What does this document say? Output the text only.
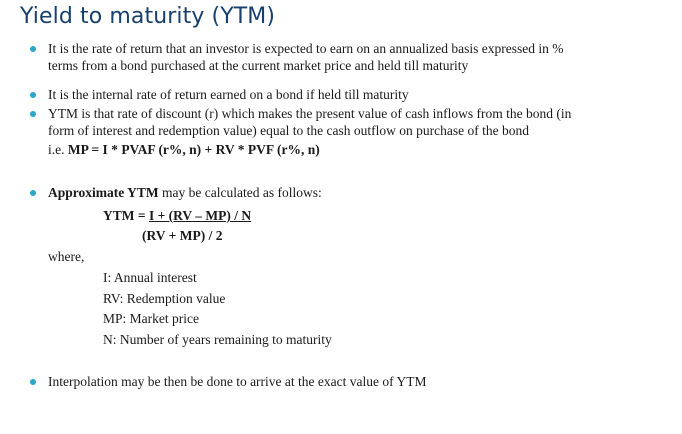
Yield to maturity (YTM)
It is the rate of return that an investor is expected to earn on an annualized basis expressed in %
terms from a bond purchased at the current market price and held till maturity
It is the internal rate of return earned on a bond if held till maturity
YTM is that rate of discount (r) which makes the present value of cash inflows from the bond (in
form of interest and redemption value) equal to the cash outflow on purchase of the bond
i.e. MP = I * PVAF (r%, n) + RV * PVF (r%, n)
Approximate YTM may be calculated as follows:
YTM = I + (RV – MP) / N
(RV + MP) / 2
where,
I: Annual interest
RV: Redemption value
MP: Market price
N: Number of years remaining to maturity
Interpolation may be then be done to arrive at the exact value of YTM
